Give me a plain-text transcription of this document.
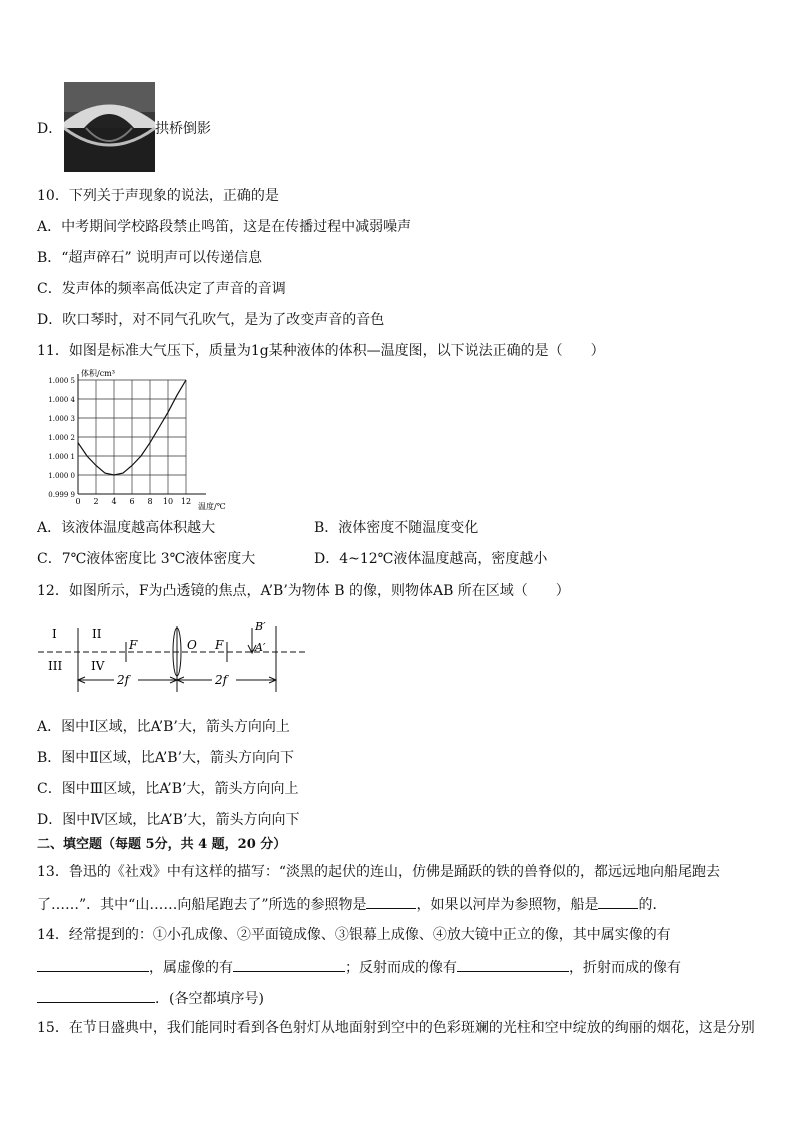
D．	拱桥倒影
10．下列关于声现象的说法，正确的是
A．中考期间学校路段禁止鸣笛，这是在传播过程中减弱噪声
B．“超声碎石” 说明声可以传递信息
C．发声体的频率高低决定了声音的音调
D．吹口琴时，对不同气孔吹气，是为了改变声音的音色
11．如图是标准大气压下，质量为1g某种液体的体积—温度图，以下说法正确的是（　　）
0.999 9
1.000 0
1.000 1
1.000 2
1.000 3
1.000 4
1.000 5
0 2 4 6 8 10 12
体积/cm³
温度/℃
A．该液体温度越高体积越大	B．液体密度不随温度变化
C．7℃液体密度比 3℃液体密度大	D．4~12℃液体温度越高，密度越小
12．如图所示，F为凸透镜的焦点，A’B’为物体 B 的像，则物体AB 所在区域（　　）
I	II
III IV
F	O F
B′
A′
2f	2f
A．图中Ⅰ区域，比A’B’大，箭头方向向上
B．图中Ⅱ区域，比A’B’大，箭头方向向下
C．图中Ⅲ区域，比A’B’大，箭头方向向上
D．图中Ⅳ区域，比A’B’大，箭头方向向下
二、填空题（每题 5分，共 4 题，20 分）
13．鲁迅的《社戏》中有这样的描写：“淡黑的起伏的连山，仿佛是踊跃的铁的兽脊似的，都远远地向船尾跑去
了……”．其中“山……向船尾跑去了”所选的参照物是	，如果以河岸为参照物，船是	的．
14．经常提到的：①小孔成像、②平面镜成像、③银幕上成像、④放大镜中正立的像，其中属实像的有
，属虚像的有	；反射而成的像有	，折射而成的像有
．(各空都填序号)
15．在节日盛典中，我们能同时看到各色射灯从地面射到空中的色彩斑斓的光柱和空中绽放的绚丽的烟花，这是分别
